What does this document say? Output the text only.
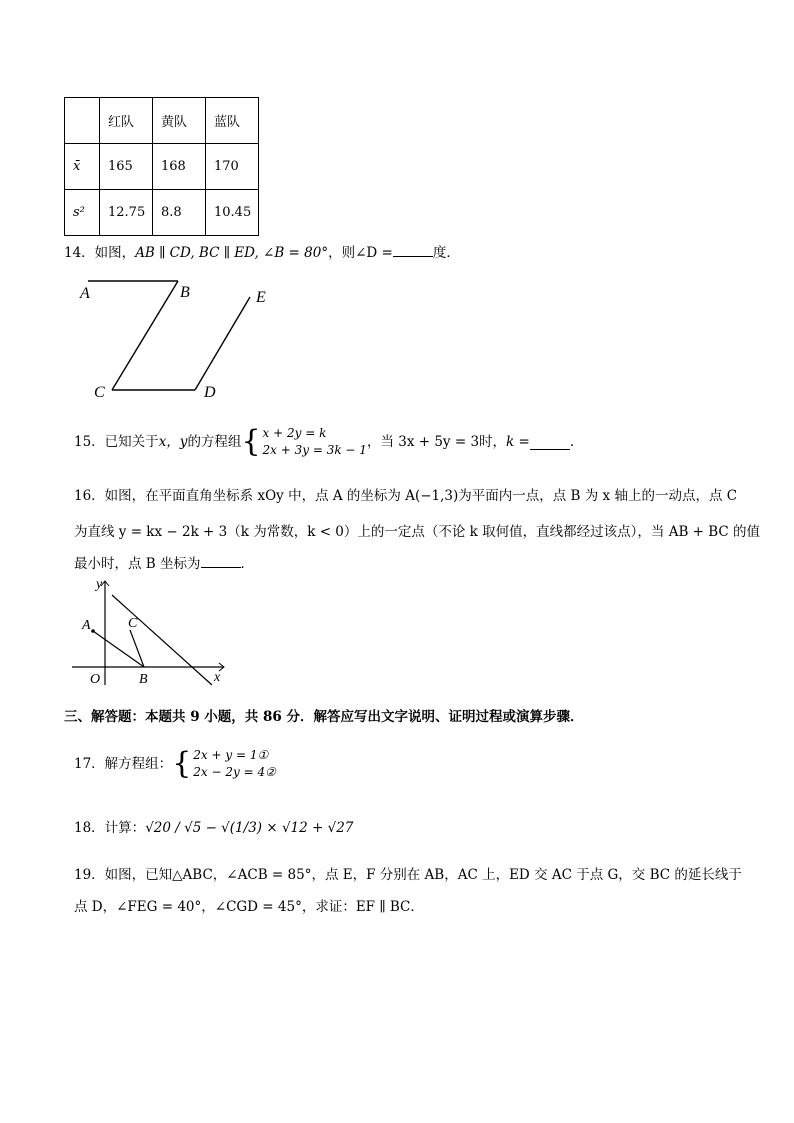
	红队	黄队	蓝队
x̄	165	168	170
s²	12.75	8.8	10.45
14．如图，AB ∥ CD, BC ∥ ED, ∠B = 80°，则∠D =	度．
A	B
C	D
E
15．已知关于 x，y 的方程组 { x + 2y = k
2x + 3y = 3k − 1 ，当 3x + 5y = 3时， k =	．
16．如图，在平面直角坐标系 xOy 中，点 A 的坐标为 A(−1,3)为平面内一点，点 B 为 x 轴上的一动点，点 C
为直线 y = kx − 2k + 3（k 为常数，k < 0）上的一定点（不论 k 取何值，直线都经过该点），当 AB + BC 的值
最小时，点 B 坐标为	．
y
x
O
A
B
C
三、解答题：本题共 9 小题，共 86 分．解答应写出文字说明、证明过程或演算步骤．
17．解方程组： { 2x + y = 1①
2x − 2y = 4②
18．计算：√20 / √5 − √(1/3) × √12 + √27
19．如图，已知△ABC，∠ACB = 85°，点 E，F 分别在 AB，AC 上，ED 交 AC 于点 G，交 BC 的延长线于
点 D，∠FEG = 40°，∠CGD = 45°，求证：EF ∥ BC．
